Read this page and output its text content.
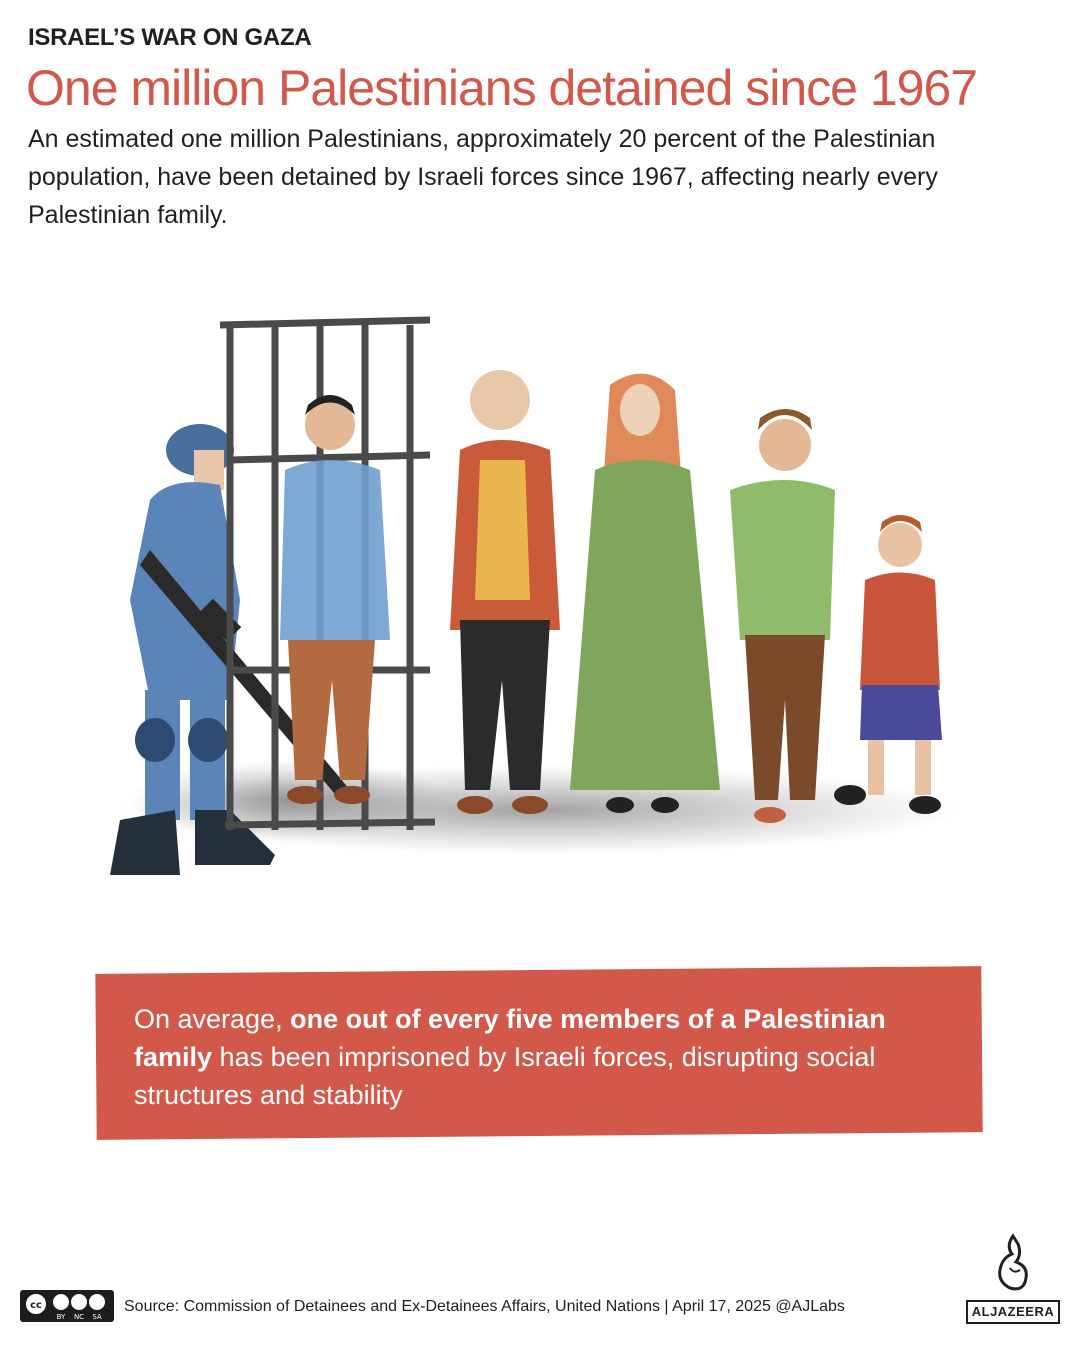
ISRAEL’S WAR ON GAZA
One million Palestinians detained since 1967
An estimated one million Palestinians, approximately 20 percent of the Palestinian population, have been detained by Israeli forces since 1967, affecting nearly every Palestinian family.
On average, one out of every five members of a Palestinian family has been imprisoned by Israeli forces, disrupting social structures and stability
cc
BY NC SA
Source: Commission of Detainees and Ex-Detainees Affairs, United Nations | April 17, 2025 @AJLabs	ALJAZEERA
